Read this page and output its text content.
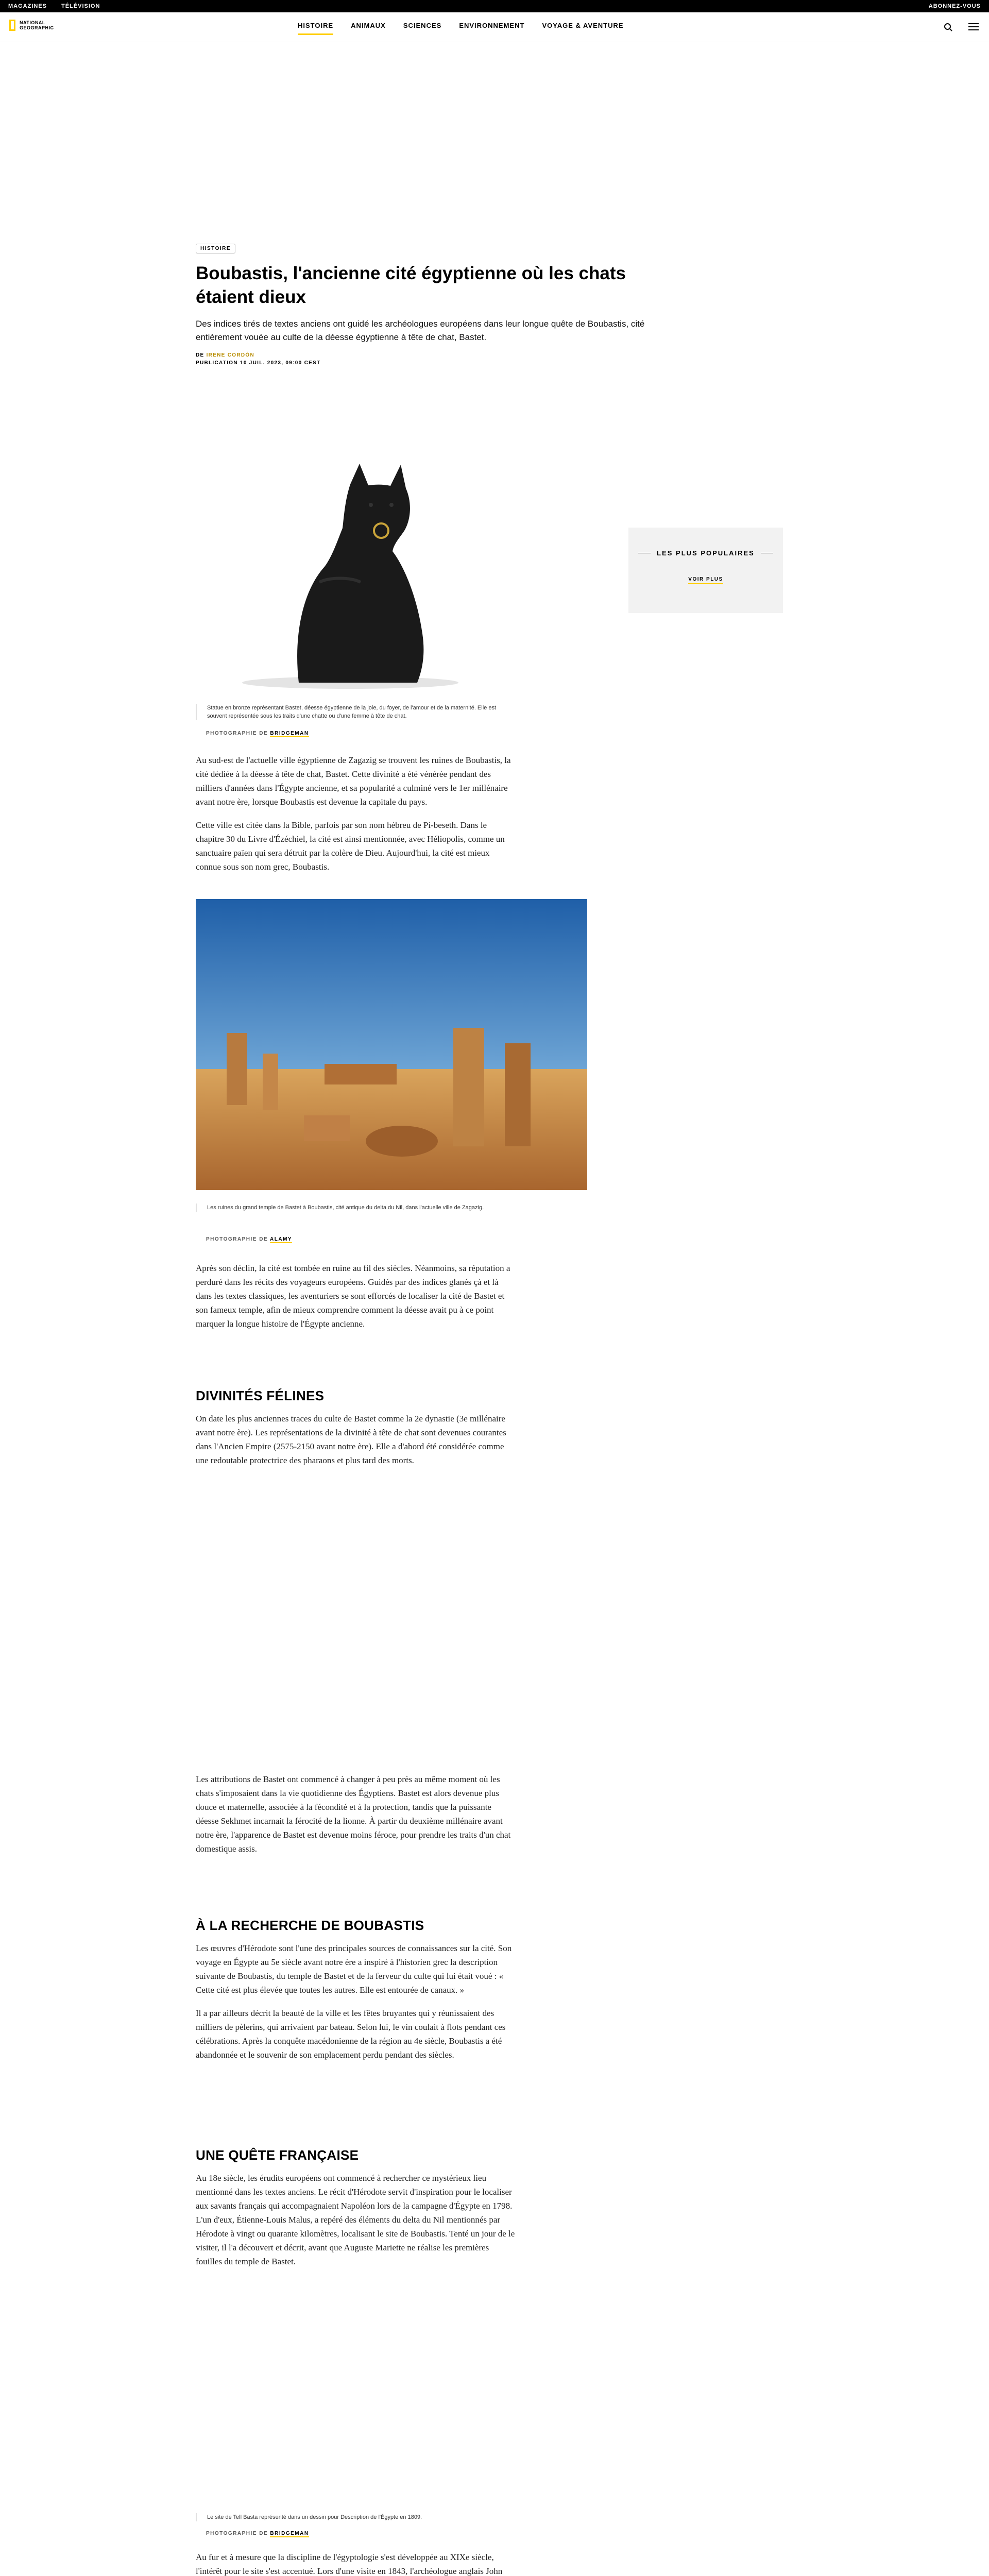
MAGAZINES	TÉLÉVISION	ABONNEZ-VOUS
NATIONAL
GEOGRAPHIC	HISTOIRE	ANIMAUX	SCIENCES	ENVIRONNEMENT	VOYAGE & AVENTURE
HISTOIRE
Boubastis, l'ancienne cité égyptienne où les chats étaient dieux

Des indices tirés de textes anciens ont guidé les archéologues européens dans leur longue quête de Boubastis, cité entièrement vouée au culte de la déesse égyptienne à tête de chat, Bastet.

DE IRENE CORDÓN
PUBLICATION 10 JUIL. 2023, 09:00 CEST
LES PLUS POPULAIRES
VOIR PLUS
Statue en bronze représentant Bastet, déesse égyptienne de la joie, du foyer, de l'amour et de la maternité. Elle est souvent représentée sous les traits d'une chatte ou d'une femme à tête de chat.
PHOTOGRAPHIE DE BRIDGEMAN

Au sud-est de l'actuelle ville égyptienne de Zagazig se trouvent les ruines de Boubastis, la cité dédiée à la déesse à tête de chat, Bastet. Cette divinité a été vénérée pendant des milliers d'années dans l'Égypte ancienne, et sa popularité a culminé vers le 1er millénaire avant notre ère, lorsque Boubastis est devenue la capitale du pays.

Cette ville est citée dans la Bible, parfois par son nom hébreu de Pi-beseth. Dans le chapitre 30 du Livre d'Ézéchiel, la cité est ainsi mentionnée, avec Héliopolis, comme un sanctuaire païen qui sera détruit par la colère de Dieu. Aujourd'hui, la cité est mieux connue sous son nom grec, Boubastis.

Les ruines du grand temple de Bastet à Boubastis, cité antique du delta du Nil, dans l'actuelle ville de Zagazig.
PHOTOGRAPHIE DE ALAMY

Après son déclin, la cité est tombée en ruine au fil des siècles. Néanmoins, sa réputation a perduré dans les récits des voyageurs européens. Guidés par des indices glanés çà et là dans les textes classiques, les aventuriers se sont efforcés de localiser la cité de Bastet et son fameux temple, afin de mieux comprendre comment la déesse avait pu à ce point marquer la longue histoire de l'Égypte ancienne.

DIVINITÉS FÉLINES

On date les plus anciennes traces du culte de Bastet comme la 2e dynastie (3e millénaire avant notre ère). Les représentations de la divinité à tête de chat sont devenues courantes dans l'Ancien Empire (2575-2150 avant notre ère). Elle a d'abord été considérée comme une redoutable protectrice des pharaons et plus tard des morts.

Les attributions de Bastet ont commencé à changer à peu près au même moment où les chats s'imposaient dans la vie quotidienne des Égyptiens. Bastet est alors devenue plus douce et maternelle, associée à la fécondité et à la protection, tandis que la puissante déesse Sekhmet incarnait la férocité de la lionne. À partir du deuxième millénaire avant notre ère, l'apparence de Bastet est devenue moins féroce, pour prendre les traits d'un chat domestique assis.

À LA RECHERCHE DE BOUBASTIS

Les œuvres d'Hérodote sont l'une des principales sources de connaissances sur la cité. Son voyage en Égypte au 5e siècle avant notre ère a inspiré à l'historien grec la description suivante de Boubastis, du temple de Bastet et de la ferveur du culte qui lui était voué : « Cette cité est plus élevée que toutes les autres. Elle est entourée de canaux. »

Il a par ailleurs décrit la beauté de la ville et les fêtes bruyantes qui y réunissaient des milliers de pèlerins, qui arrivaient par bateau. Selon lui, le vin coulait à flots pendant ces célébrations. Après la conquête macédonienne de la région au 4e siècle, Boubastis a été abandonnée et le souvenir de son emplacement perdu pendant des siècles.

UNE QUÊTE FRANÇAISE

Au 18e siècle, les érudits européens ont commencé à rechercher ce mystérieux lieu mentionné dans les textes anciens. Le récit d'Hérodote servit d'inspiration pour le localiser aux savants français qui accompagnaient Napoléon lors de la campagne d'Égypte en 1798. L'un d'eux, Étienne-Louis Malus, a repéré des éléments du delta du Nil mentionnés par Hérodote à vingt ou quarante kilomètres, localisant le site de Boubastis. Tenté un jour de le visiter, il l'a découvert et décrit, avant que Auguste Mariette ne réalise les premières fouilles du temple de Bastet.

Le site de Tell Basta représenté dans un dessin pour Description de l'Égypte en 1809.
PHOTOGRAPHIE DE BRIDGEMAN

Au fur et à mesure que la discipline de l'égyptologie s'est développée au XIXe siècle, l'intérêt pour le site s'est accentué. Lors d'une visite en 1843, l'archéologue anglais John
